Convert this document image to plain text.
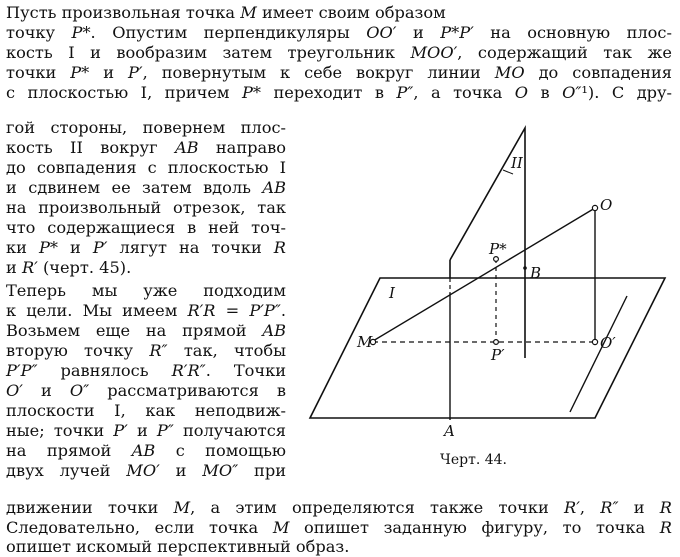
Пусть произвольная точка M имеет своим образом
точку P*. Опустим перпендикуляры OO′ и P*P′ на основную плос-
кость I и вообразим затем треугольник MOO′, содержащий так же
точки P* и P′, повернутым к себе вокруг линии MO до совпадения
с плоскостью I, причем P* переходит в P″, а точка O в O″¹). С дру-
гой стороны, повернем плос-
кость II вокруг AB направо
до совпадения с плоскостью I
и сдвинем ее затем вдоль AB
на произвольный отрезок, так
что содержащиеся в ней точ-
ки P* и P′ лягут на точки R
и R′ (черт. 45).
Теперь мы уже подходим
к цели. Мы имеем R′R = P′P″.
Возьмем еще на прямой AB
вторую точку R″ так, чтобы
P′P″ равнялось R′R″. Точки
O′ и O″ рассматриваются в
плоскости I, как неподвиж-
ные; точки P′ и P″ получаются
на прямой AB с помощью
двух лучей MO′ и MO″ при
движении точки M, а этим определяются также точки R′, R″ и R
Следовательно, если точка M опишет заданную фигуру, то точка R
опишет искомый перспективный образ.
II
I
O
P*
B
M
P′
O′
A
Черт. 44.
